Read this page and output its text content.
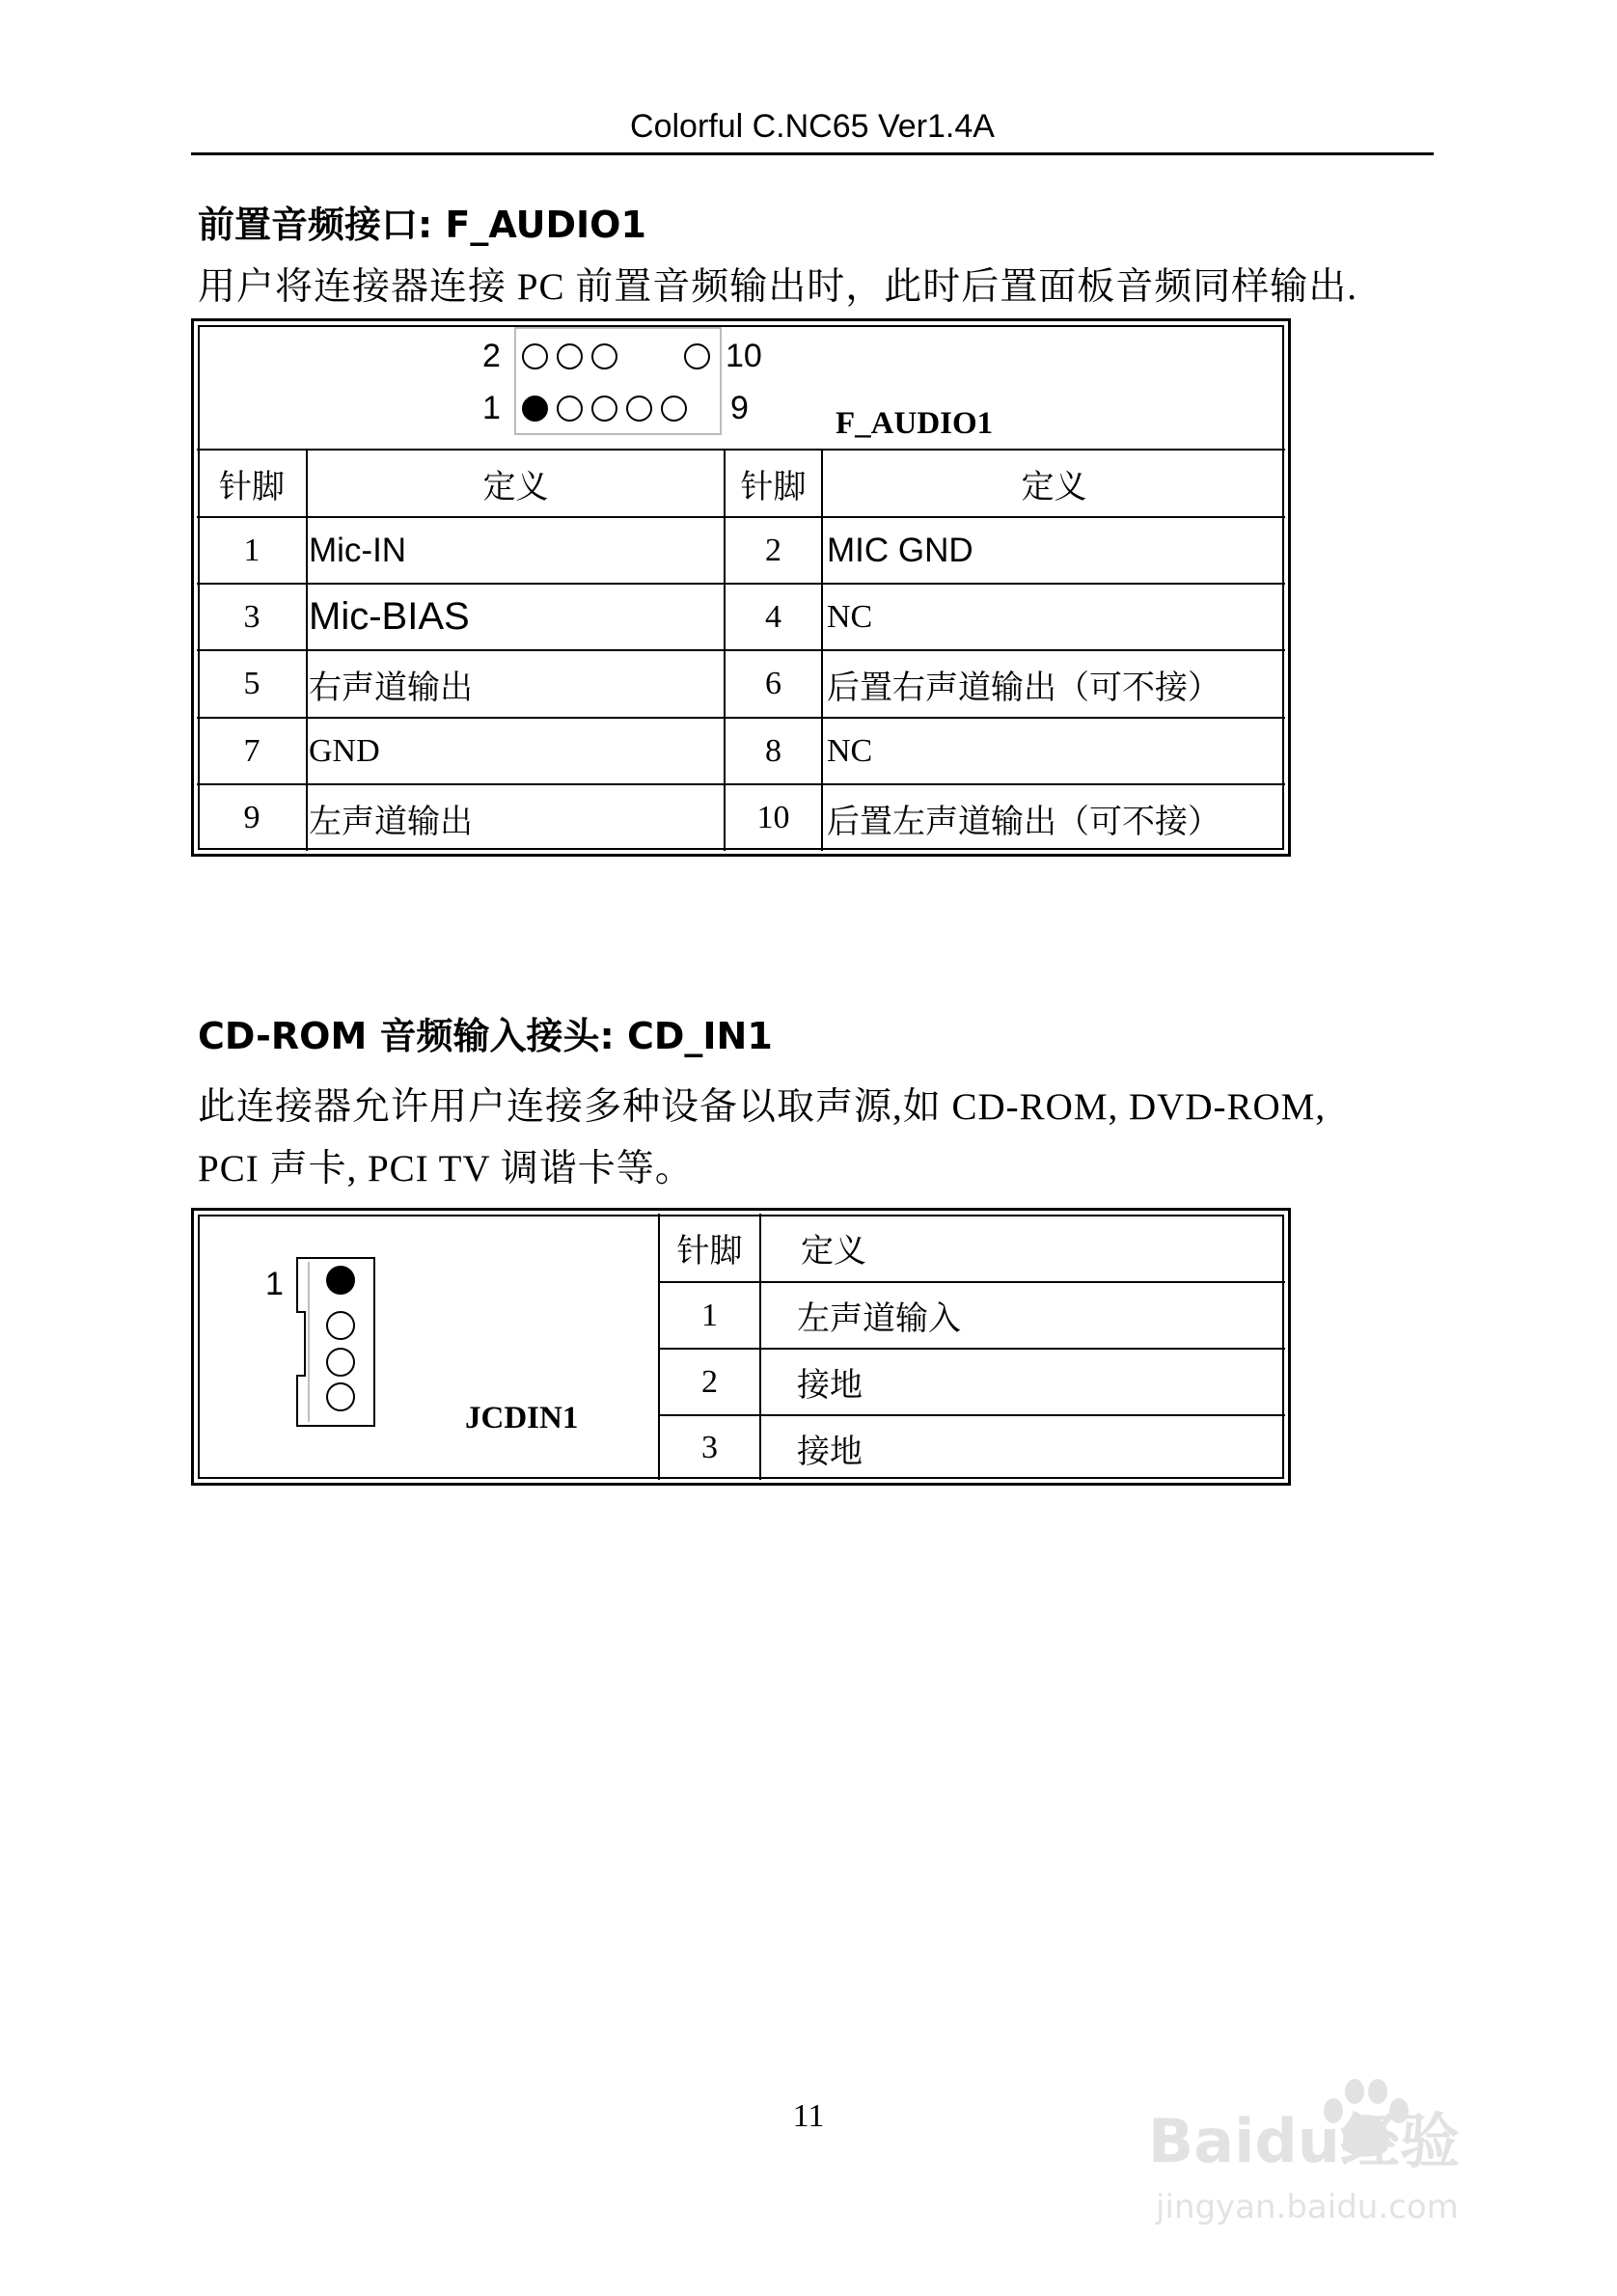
Colorful C.NC65 Ver1.4A
前置音频接口: F_AUDIO1
用户将连接器连接 PC 前置音频输出时，此时后置面板音频同样输出.
2	10
1	9	F_AUDIO1
针脚	定义	针脚	定义
1	Mic-IN	2	MIC GND
3	Mic-BIAS	4	NC
5	右声道输出	6	后置右声道输出（可不接）
7	GND	8	NC
9	左声道输出	10	后置左声道输出（可不接）
CD-ROM 音频输入接头: CD_IN1
此连接器允许用户连接多种设备以取声源,如 CD-ROM, DVD-ROM,
PCI 声卡, PCI TV 调谐卡等。
1
JCDIN1
针脚	定义
1	左声道输入
2	接地
3	接地
11	Baidu经验
jingyan.baidu.com
